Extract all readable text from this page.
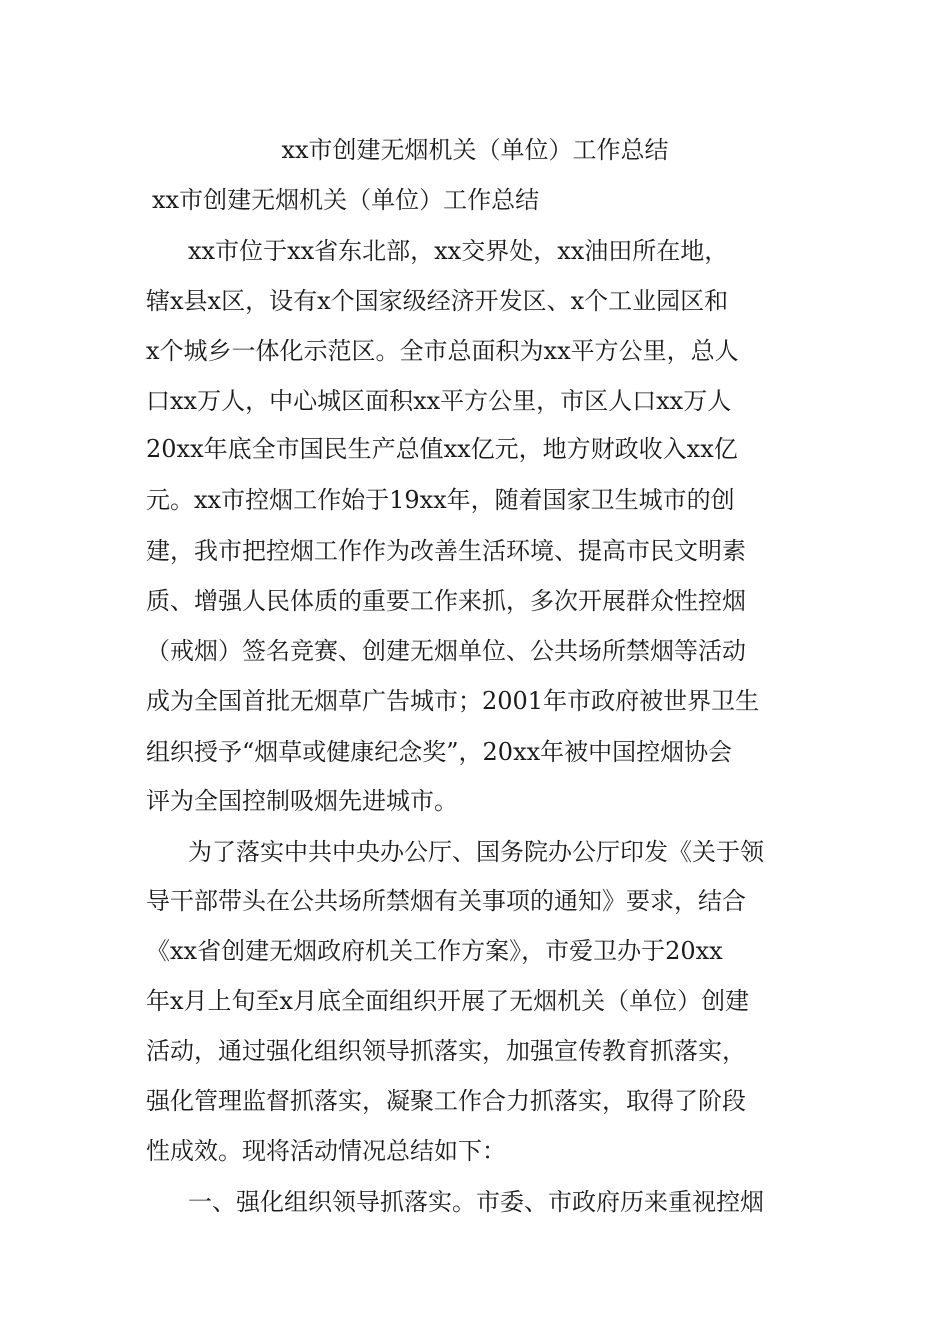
xx市创建无烟机关（单位）工作总结
xx市创建无烟机关（单位）工作总结
xx市位于xx省东北部，xx交界处，xx油田所在地，
辖x县x区，设有x个国家级经济开发区、x个工业园区和
x个城乡一体化示范区。全市总面积为xx平方公里，总人
口xx万人，中心城区面积xx平方公里，市区人口xx万人
20xx年底全市国民生产总值xx亿元，地方财政收入xx亿
元。xx市控烟工作始于19xx年，随着国家卫生城市的创
建，我市把控烟工作作为改善生活环境、提高市民文明素
质、增强人民体质的重要工作来抓，多次开展群众性控烟
（戒烟）签名竞赛、创建无烟单位、公共场所禁烟等活动
成为全国首批无烟草广告城市；2001年市政府被世界卫生
组织授予“烟草或健康纪念奖”，20xx年被中国控烟协会
评为全国控制吸烟先进城市。
为了落实中共中央办公厅、国务院办公厅印发《关于领
导干部带头在公共场所禁烟有关事项的通知》要求，结合
《xx省创建无烟政府机关工作方案》，市爱卫办于20xx
年x月上旬至x月底全面组织开展了无烟机关（单位）创建
活动，通过强化组织领导抓落实，加强宣传教育抓落实，
强化管理监督抓落实，凝聚工作合力抓落实，取得了阶段
性成效。现将活动情况总结如下：
一、强化组织领导抓落实。市委、市政府历来重视控烟
